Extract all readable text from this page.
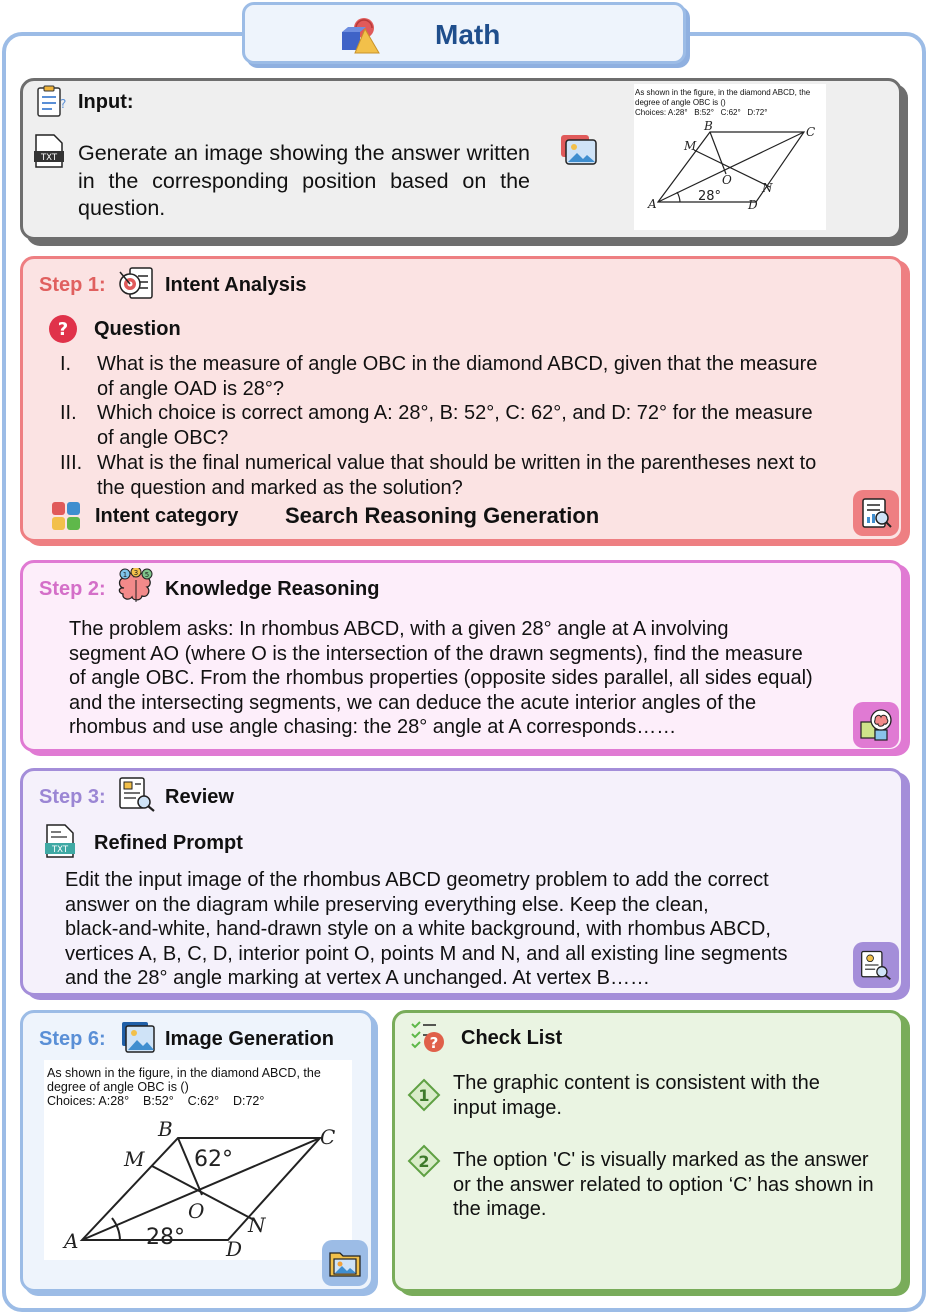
Math
? Input:
TXT Generate an image showing the answer written in the corresponding position based on the question.
As shown in the figure, in the diamond ABCD, the
degree of angle OBC is ()
Choices: A:28° B:52° C:62° D:72°
A
B	C
D
M
N
O
28°
Step 1:	Intent Analysis
? Question
I. What is the measure of angle OBC in the diamond ABCD, given that the measure
of angle OAD is 28°?
II. Which choice is correct among A: 28°, B: 52°, C: 62°, and D: 72° for the measure
of angle OBC?
III. What is the final numerical value that should be written in the parentheses next to
the question and marked as the solution?
Intent category Search Reasoning Generation
Step 2:
1 3 5
Knowledge Reasoning
The problem asks: In rhombus ABCD, with a given 28° angle at A involving
segment AO (where O is the intersection of the drawn segments), find the measure
of angle OBC. From the rhombus properties (opposite sides parallel, all sides equal)
and the intersecting segments, we can deduce the acute interior angles of the
rhombus and use angle chasing: the 28° angle at A corresponds……
Step 3:	Review
TXT Refined Prompt
Edit the input image of the rhombus ABCD geometry problem to add the correct
answer on the diagram while preserving everything else. Keep the clean,
black-and-white, hand-drawn style on a white background, with rhombus ABCD,
vertices A, B, C, D, interior point O, points M and N, and all existing line segments
and the 28° angle marking at vertex A unchanged. At vertex B……
Step 6:	Image Generation
As shown in the figure, in the diamond ABCD, the
degree of angle OBC is ()
Choices: A:28° B:52° C:62° D:72°
A
B	C
D
M
N
O
28°
62°
? Check List
1
The graphic content is consistent with the
input image.
2 The option 'C' is visually marked as the answer
or the answer related to option ‘C’ has shown in
the image.
